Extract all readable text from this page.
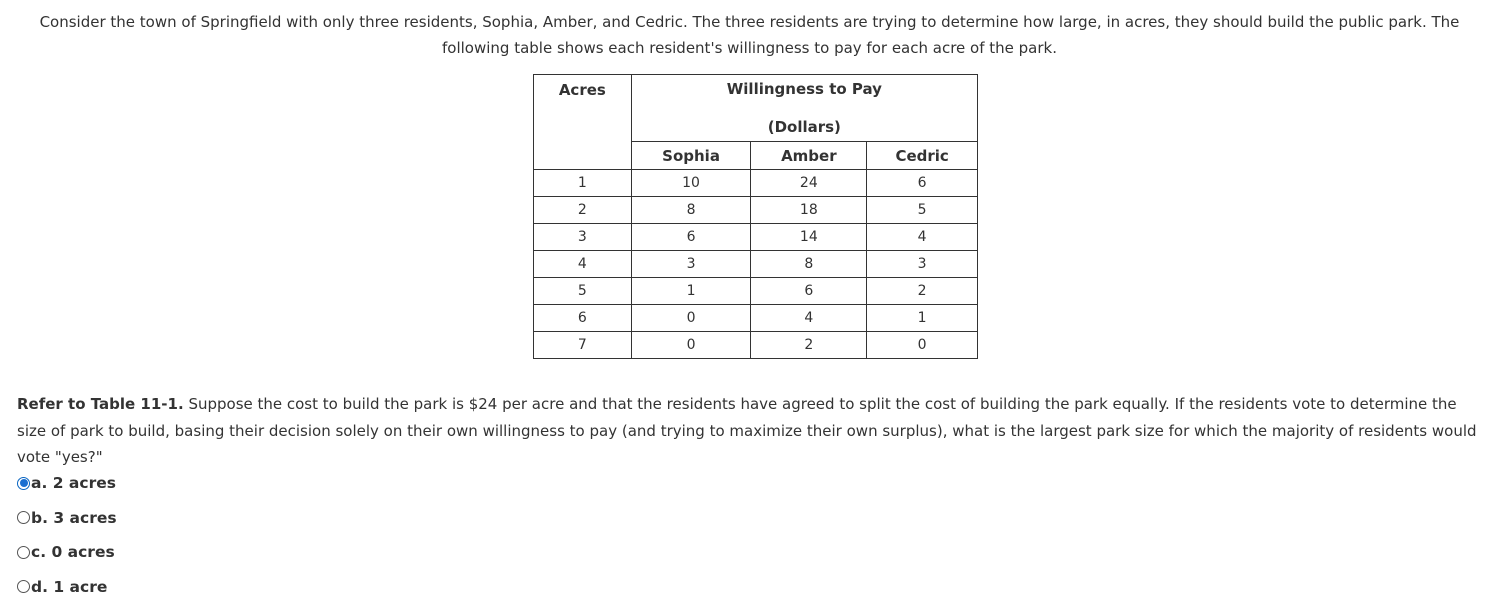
Consider the town of Springfield with only three residents, Sophia, Amber, and Cedric. The three residents are trying to determine how large, in acres, they should build the public park. The
following table shows each resident's willingness to pay for each acre of the park.
Acres	Willingness to Pay
(Dollars)		

	Sophia	Amber	Cedric
1	10	24	6
2	8	18	5
3	6	14	4
4	3	8	3
5	1	6	2
6	0	4	1
7	0	2	0
Refer to Table 11-1. Suppose the cost to build the park is $24 per acre and that the residents have agreed to split the cost of building the park equally. If the residents vote to determine the size of park to build, basing their decision solely on their own willingness to pay (and trying to maximize their own surplus), what is the largest park size for which the majority of residents would vote "yes?"
a. 2 acres
b. 3 acres
c. 0 acres
d. 1 acre
